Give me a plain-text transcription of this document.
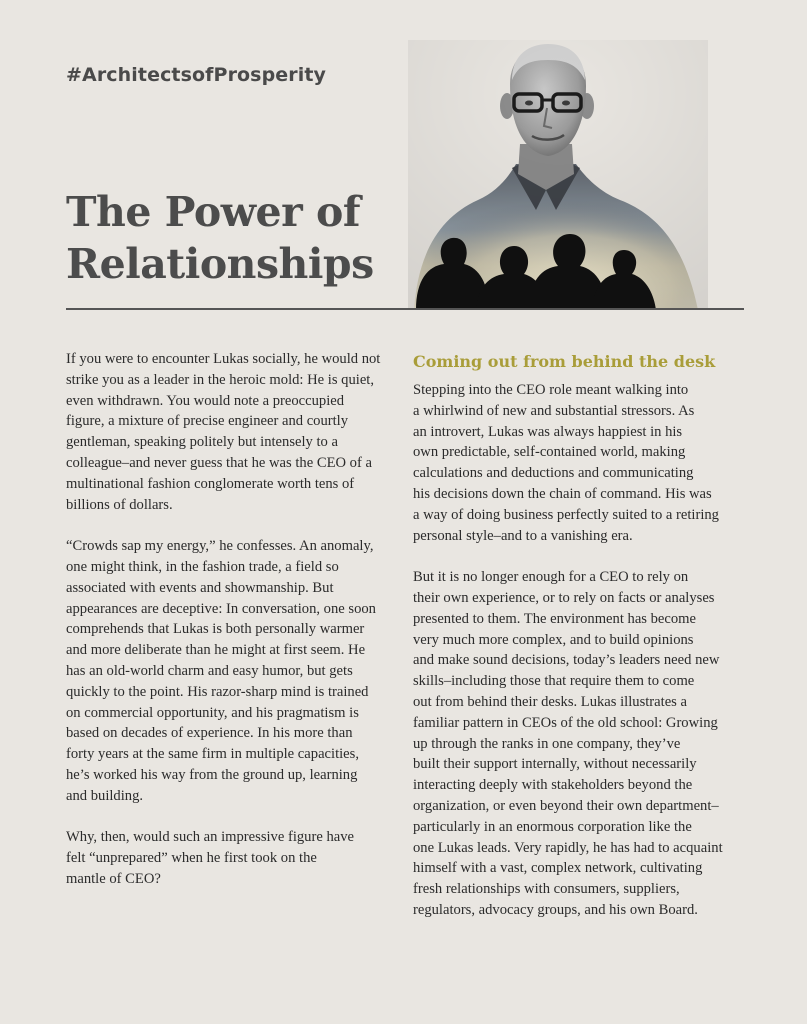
#ArchitectsofProsperity
The Power of
Relationships

If you were to encounter Lukas socially, he would not
strike you as a leader in the heroic mold: He is quiet,
even withdrawn. You would note a preoccupied
figure, a mixture of precise engineer and courtly
gentleman, speaking politely but intensely to a
colleague–and never guess that he was the CEO of a
multinational fashion conglomerate worth tens of
billions of dollars.

“Crowds sap my energy,” he confesses. An anomaly,
one might think, in the fashion trade, a field so
associated with events and showmanship. But
appearances are deceptive: In conversation, one soon
comprehends that Lukas is both personally warmer
and more deliberate than he might at first seem. He
has an old-world charm and easy humor, but gets
quickly to the point. His razor-sharp mind is trained
on commercial opportunity, and his pragmatism is
based on decades of experience. In his more than
forty years at the same firm in multiple capacities,
he’s worked his way from the ground up, learning
and building.

Why, then, would such an impressive figure have
felt “unprepared” when he first took on the
mantle of CEO?

Coming out from behind the desk

Stepping into the CEO role meant walking into
a whirlwind of new and substantial stressors. As
an introvert, Lukas was always happiest in his
own predictable, self-contained world, making
calculations and deductions and communicating
his decisions down the chain of command. His was
a way of doing business perfectly suited to a retiring
personal style–and to a vanishing era.

But it is no longer enough for a CEO to rely on
their own experience, or to rely on facts or analyses
presented to them. The environment has become
very much more complex, and to build opinions
and make sound decisions, today’s leaders need new
skills–including those that require them to come
out from behind their desks. Lukas illustrates a
familiar pattern in CEOs of the old school: Growing
up through the ranks in one company, they’ve
built their support internally, without necessarily
interacting deeply with stakeholders beyond the
organization, or even beyond their own department–
particularly in an enormous corporation like the
one Lukas leads. Very rapidly, he has had to acquaint
himself with a vast, complex network, cultivating
fresh relationships with consumers, suppliers,
regulators, advocacy groups, and his own Board.
